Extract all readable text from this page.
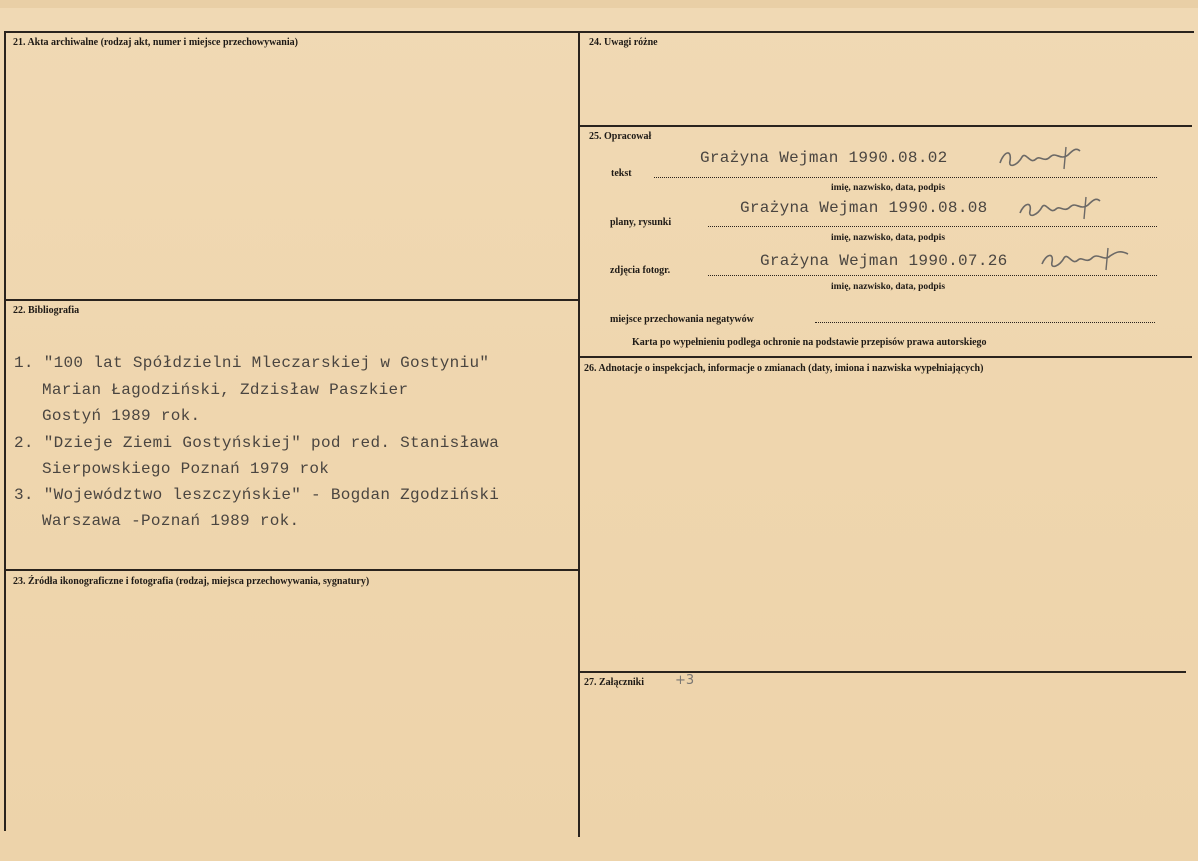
21. Akta archiwalne (rodzaj akt, numer i miejsce przechowywania)
22. Bibliografia
1. "100 lat Spółdzielni Mleczarskiej w Gostyniu"
Marian Łagodziński, Zdzisław Paszkier
Gostyń 1989 rok.
2. "Dzieje Ziemi Gostyńskiej" pod red. Stanisława
Sierpowskiego Poznań 1979 rok
3. "Województwo leszczyńskie" - Bogdan Zgodziński
Warszawa -Poznań 1989 rok.
23. Źródła ikonograficzne i fotografia (rodzaj, miejsca przechowywania, sygnatury)
24. Uwagi różne
25. Opracował
tekst
Grażyna Wejman 1990.08.02
imię, nazwisko, data, podpis
plany, rysunki
Grażyna Wejman 1990.08.08
imię, nazwisko, data, podpis
zdjęcia fotogr.
Grażyna Wejman 1990.07.26
imię, nazwisko, data, podpis
miejsce przechowania negatywów
Karta po wypełnieniu podlega ochronie na podstawie przepisów prawa autorskiego
26. Adnotacje o inspekcjach, informacje o zmianach (daty, imiona i nazwiska wypełniających)
27. Załączniki +3
